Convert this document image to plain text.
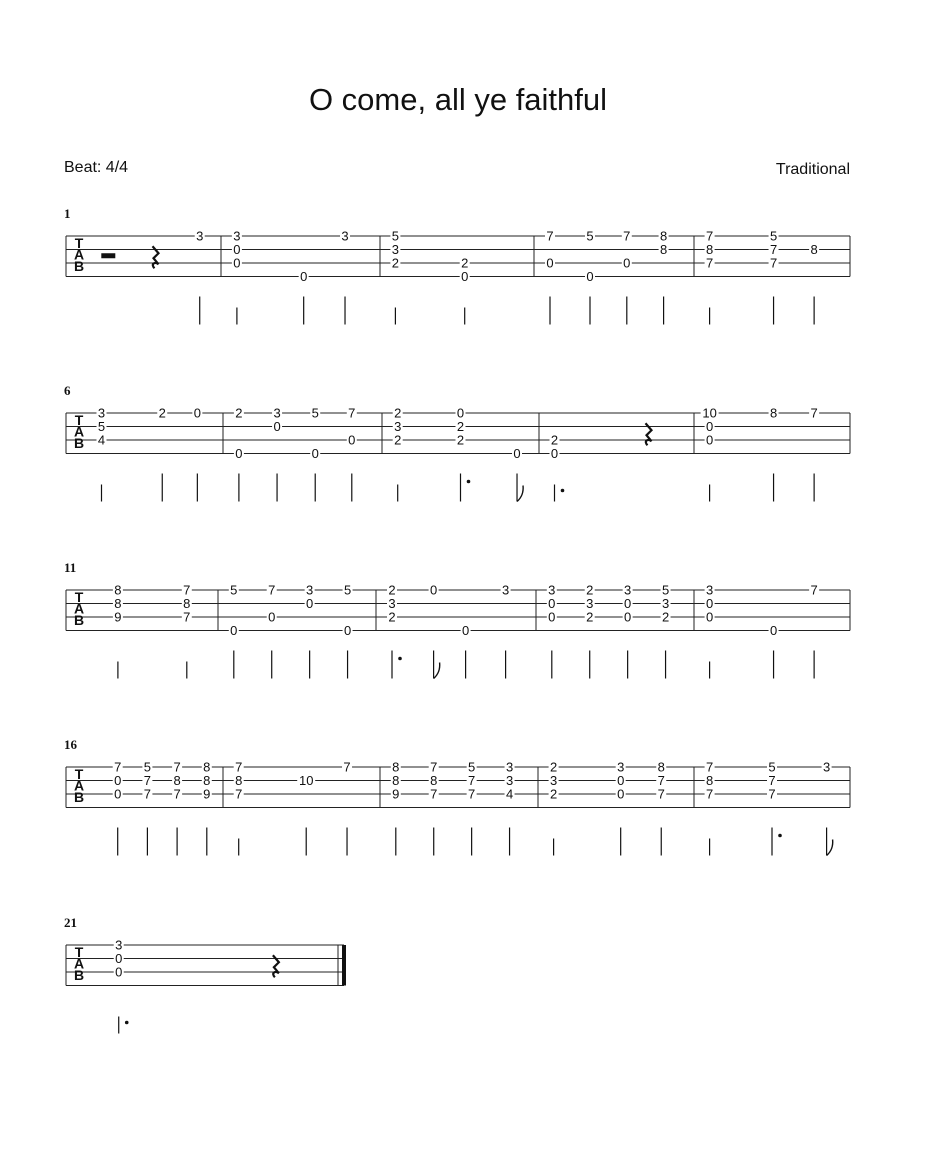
O come, all ye faithful
Beat: 4/4	Traditional
1
T
A
B
3 3
0
0
0
3	5
3
2	2
0
7
0
5
0
7
0
8
8
7
8
7
5
7
7
8
6
T
A
B
3
5
4
2 0	2
0
3
0
5
0
7
0
2
3
2
0
2
2
0
2
0
10
0
0
8	7
11
T
A
B
8
8
9
7
8
7
5
0
7
0
3
0
5
0
2
3
2
0
0
3	3
0
0
2
3
2
3
0
0
5
3
2
3
0
0
0
7
16
T
A
B
7
0
0
5
7
7
7
8
7
8
8
9
7
8
7
10
7	8
8
9
7
8
7
5
7
7
3
3
4
2
3
2
3
0
0
8
7
7
7
8
7
5
7
7
3
21
T
A
B
3
0
0
